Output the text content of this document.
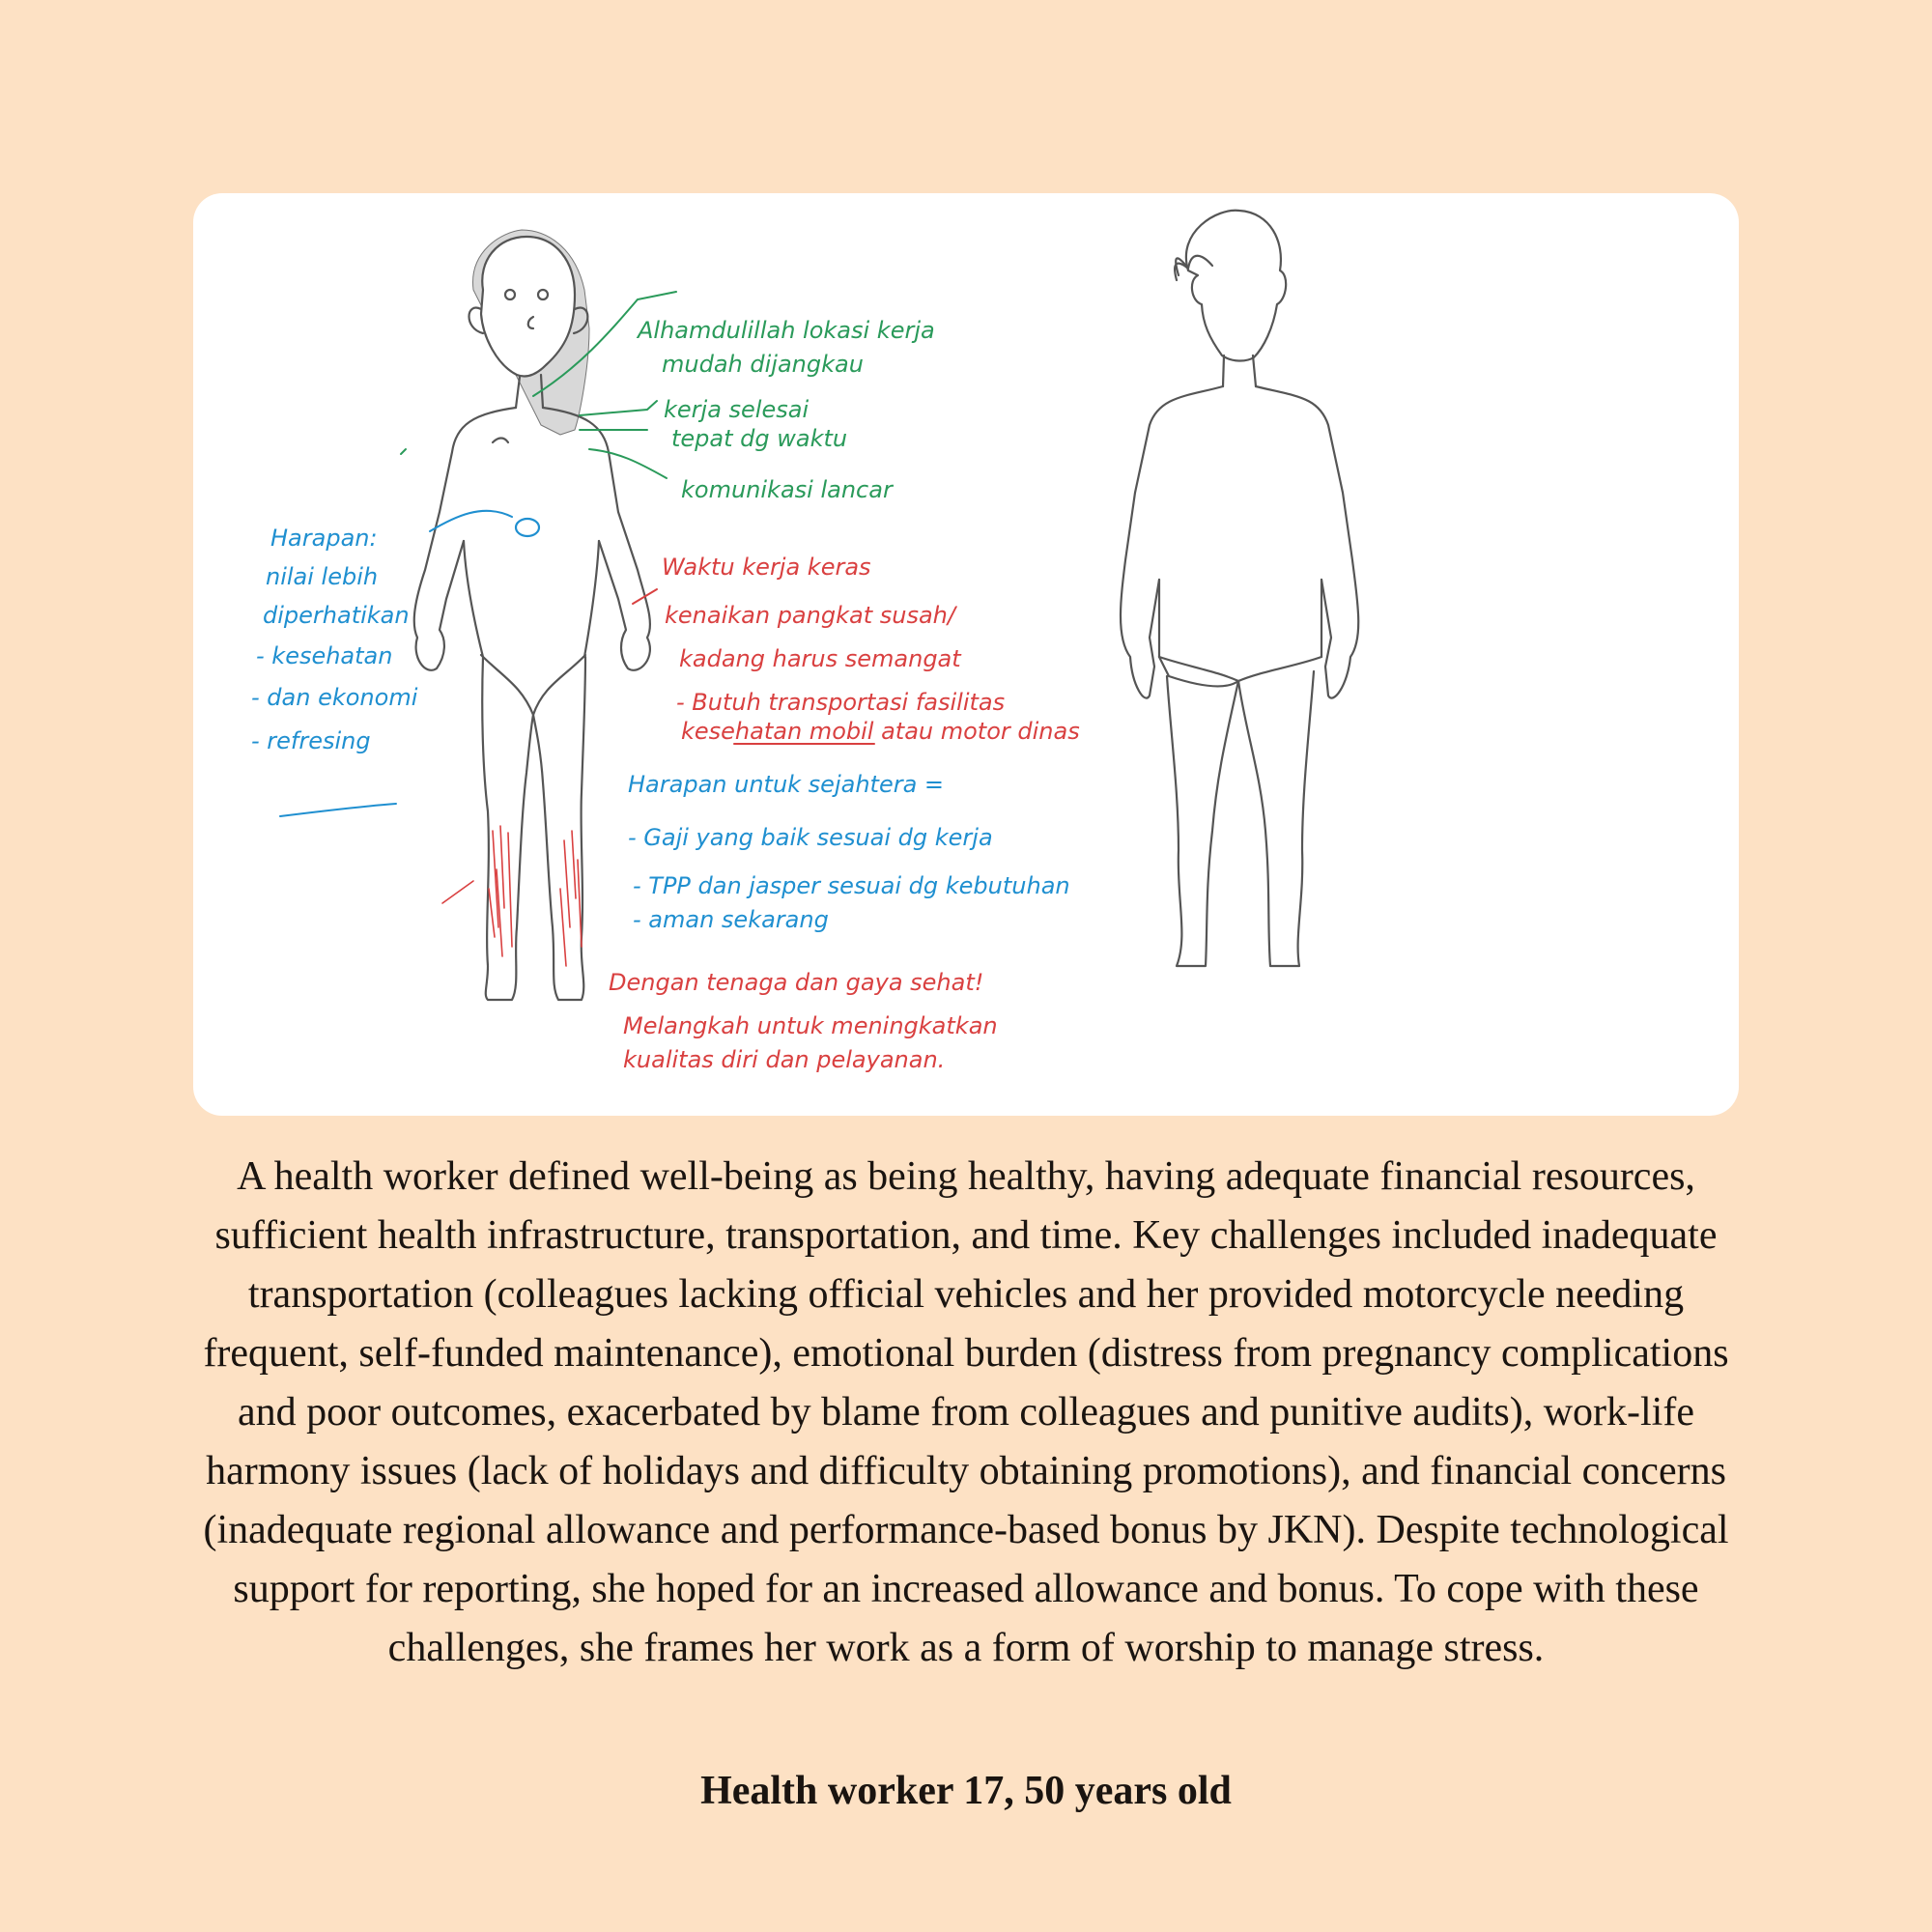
Alhamdulillah lokasi kerja
mudah dijangkau
kerja selesai
tepat dg waktu
komunikasi lancar
Harapan:
nilai lebih
diperhatikan
- kesehatan
- dan ekonomi
- refresing
Waktu kerja keras
kenaikan pangkat susah/
kadang harus semangat
- Butuh transportasi fasilitas
kesehatan mobil atau motor dinas
Harapan untuk sejahtera =
- Gaji yang baik sesuai dg kerja
- TPP dan jasper sesuai dg kebutuhan
- aman sekarang
Dengan tenaga dan gaya sehat!
Melangkah untuk meningkatkan
kualitas diri dan pelayanan.

A health worker defined well-being as being healthy, having adequate financial resources, sufficient health infrastructure, transportation, and time. Key challenges included inadequate transportation (colleagues lacking official vehicles and her provided motorcycle needing frequent, self-funded maintenance), emotional burden (distress from pregnancy complications and poor outcomes, exacerbated by blame from colleagues and punitive audits), work-life harmony issues (lack of holidays and difficulty obtaining promotions), and financial concerns (inadequate regional allowance and performance-based bonus by JKN). Despite technological support for reporting, she hoped for an increased allowance and bonus. To cope with these challenges, she frames her work as a form of worship to manage stress.

Health worker 17, 50 years old
